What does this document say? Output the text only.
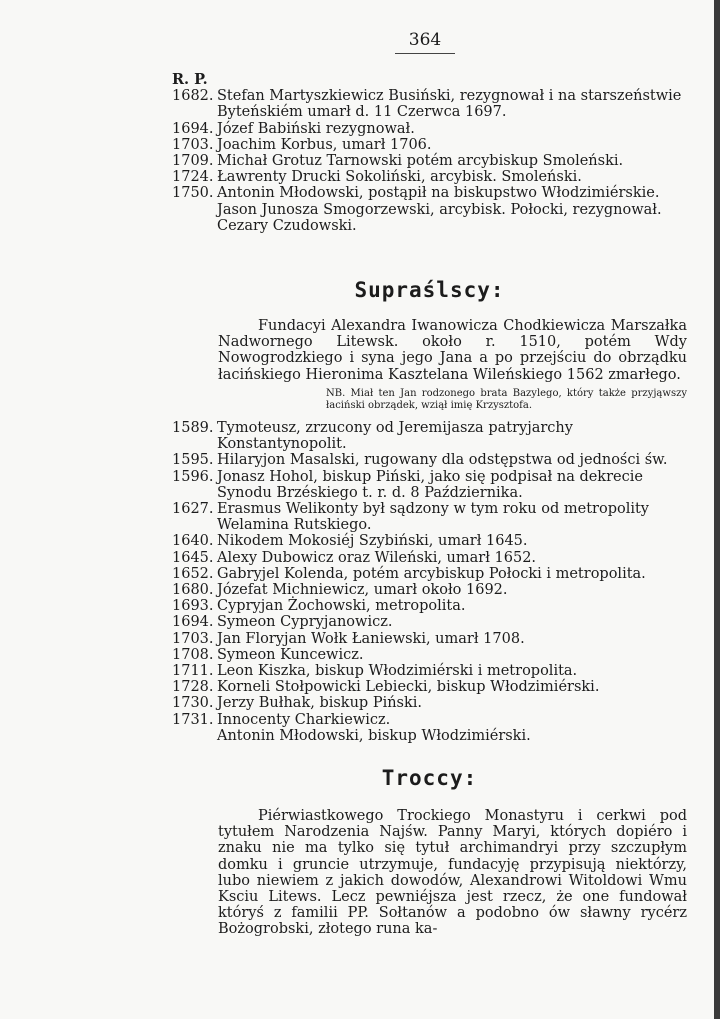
364
R. P.
1682. Stefan Martyszkiewicz Busiński, rezygnował i na starszeństwie Byteńskiém umarł d. 11 Czerwca 1697.
1694. Józef Babiński rezygnował.
1703. Joachim Korbus, umarł 1706.
1709. Michał Grotuz Tarnowski potém arcybiskup Smoleński.
1724. Ławrenty Drucki Sokoliński, arcybisk. Smoleński.
1750. Antonin Młodowski, postąpił na biskupstwo Włodzimiérskie.
Jason Junosza Smogorzewski, arcybisk. Połocki, rezygnował.
Cezary Czudowski.
Supraślscy:
Fundacyi Alexandra Iwanowicza Chodkiewicza Marszałka Nadwornego Litewsk. około r. 1510, potém Wdy Nowogrodzkiego i syna jego Jana a po przejściu do obrządku łacińskiego Hieronima Kasztelana Wileńskiego 1562 zmarłego.
NB. Miał ten Jan rodzonego brata Bazylego, który także przyjąwszy łaciński obrządek, wziął imię Krzysztofa.
1589. Tymoteusz, zrzucony od Jeremijasza patryjarchy Konstantynopolit.
1595. Hilaryjon Masalski, rugowany dla odstępstwa od jedności św.
1596. Jonasz Hohol, biskup Piński, jako się podpisał na dekrecie Synodu Brzéskiego t. r. d. 8 Października.
1627. Erasmus Welikonty był sądzony w tym roku od metropolity Welamina Rutskiego.
1640. Nikodem Mokosiéj Szybiński, umarł 1645.
1645. Alexy Dubowicz oraz Wileński, umarł 1652.
1652. Gabryjel Kolenda, potém arcybiskup Połocki i metropolita.
1680. Józefat Michniewicz, umarł około 1692.
1693. Cypryjan Żochowski, metropolita.
1694. Symeon Cypryjanowicz.
1703. Jan Floryjan Wołk Łaniewski, umarł 1708.
1708. Symeon Kuncewicz.
1711. Leon Kiszka, biskup Włodzimiérski i metropolita.
1728. Korneli Stołpowicki Lebiecki, biskup Włodzimiérski.
1730. Jerzy Bułhak, biskup Piński.
1731. Innocenty Charkiewicz.
Antonin Młodowski, biskup Włodzimiérski.
Troccy:
Piérwiastkowego Trockiego Monastyru i cerkwi pod tytułem Narodzenia Najśw. Panny Maryi, których dopiéro i znaku nie ma tylko się tytuł archimandryi przy szczupłym domku i gruncie utrzymuje, fundacyję przypisują niektórzy, lubo niewiem z jakich dowodów, Alexandrowi Witoldowi Wmu Ksciu Litews. Lecz pewniéjsza jest rzecz, że one fundował któryś z familii PP. Sołtanów a podobno ów sławny rycérz Bożogrobski, złotego runa ka-
